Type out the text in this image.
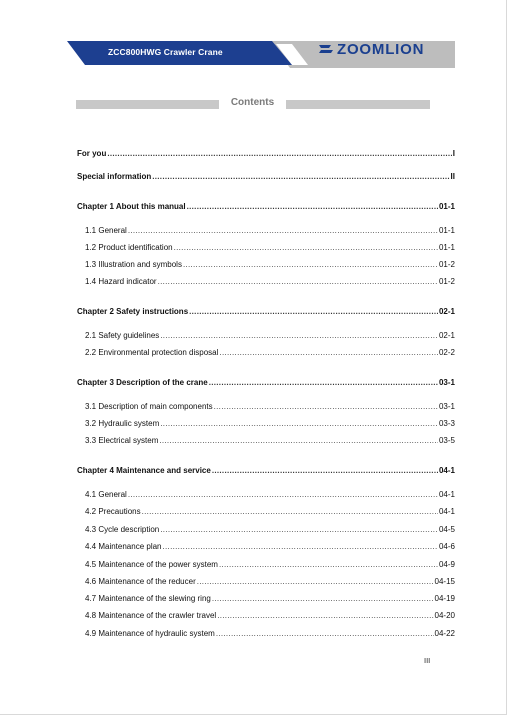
ZCC800HWG Crawler Crane	ZOOMLION
Contents
For you .....	I
Special information .....	II
Chapter 1 About this manual .....	01-1
1.1 General .....	01-1
1.2 Product identification .....	01-1
1.3 Illustration and symbols .....	01-2
1.4 Hazard indicator .....	01-2
Chapter 2 Safety instructions .....	02-1
2.1 Safety guidelines .....	02-1
2.2 Environmental protection disposal .....	02-2
Chapter 3 Description of the crane .....	03-1
3.1 Description of main components .....	03-1
3.2 Hydraulic system .....	03-3
3.3 Electrical system .....	03-5
Chapter 4 Maintenance and service .....	04-1
4.1 General .....	04-1
4.2 Precautions .....	04-1
4.3 Cycle description .....	04-5
4.4 Maintenance plan .....	04-6
4.5 Maintenance of the power system .....	04-9
4.6 Maintenance of the reducer .....	04-15
4.7 Maintenance of the slewing ring .....	04-19
4.8 Maintenance of the crawler travel .....	04-20
4.9 Maintenance of hydraulic system .....	04-22
III
